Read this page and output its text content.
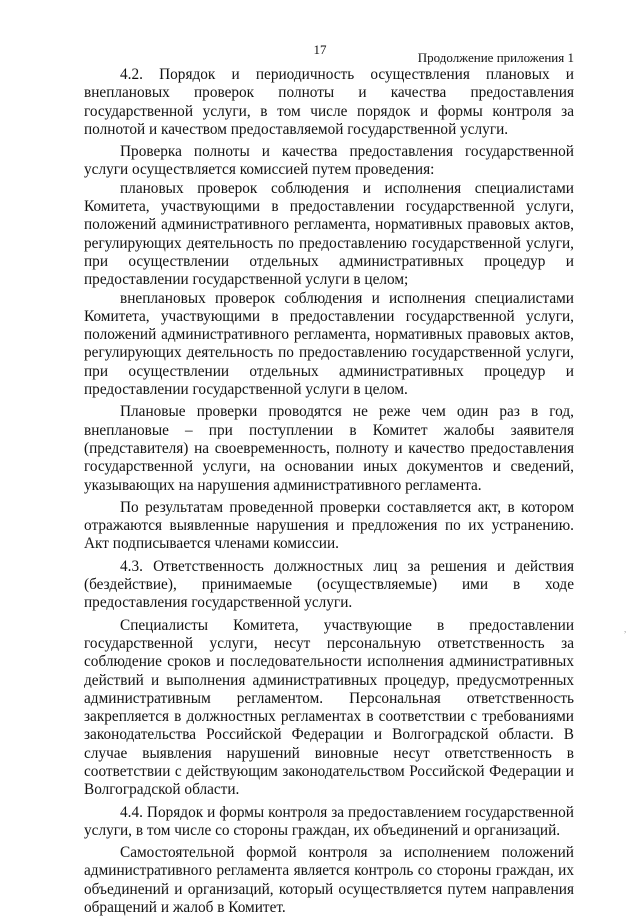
17
Продолжение приложения 1

4.2. Порядок и периодичность осуществления плановых и внеплановых проверок полноты и качества предоставления государственной услуги, в том числе порядок и формы контроля за полнотой и качеством предоставляемой государственной услуги.

Проверка полноты и качества предоставления государственной услуги осуществляется комиссией путем проведения:

плановых проверок соблюдения и исполнения специалистами Комитета, участвующими в предоставлении государственной услуги, положений административного регламента, нормативных правовых актов, регулирующих деятельность по предоставлению государственной услуги, при осуществлении отдельных административных процедур и предоставлении государственной услуги в целом;

внеплановых проверок соблюдения и исполнения специалистами Комитета, участвующими в предоставлении государственной услуги, положений административного регламента, нормативных правовых актов, регулирующих деятельность по предоставлению государственной услуги, при осуществлении отдельных административных процедур и предоставлении государственной услуги в целом.

Плановые проверки проводятся не реже чем один раз в год, внеплановые – при поступлении в Комитет жалобы заявителя (представителя) на своевременность, полноту и качество предоставления государственной услуги, на основании иных документов и сведений, указывающих на нарушения административного регламента.

По результатам проведенной проверки составляется акт, в котором отражаются выявленные нарушения и предложения по их устранению. Акт подписывается членами комиссии.

4.3. Ответственность должностных лиц за решения и действия (бездействие), принимаемые (осуществляемые) ими в ходе предоставления государственной услуги.

Специалисты Комитета, участвующие в предоставлении государственной услуги, несут персональную ответственность за соблюдение сроков и последовательности исполнения административных действий и выполнения административных процедур, предусмотренных административным регламентом. Персональная ответственность закрепляется в должностных регламентах в соответствии с требованиями законодательства Российской Федерации и Волгоградской области. В случае выявления нарушений виновные несут ответственность в соответствии с действующим законодательством Российской Федерации и Волгоградской области.

4.4. Порядок и формы контроля за предоставлением государственной услуги, в том числе со стороны граждан, их объединений и организаций.

Самостоятельной формой контроля за исполнением положений административного регламента является контроль со стороны граждан, их объединений и организаций, который осуществляется путем направления обращений и жалоб в Комитет.

,
